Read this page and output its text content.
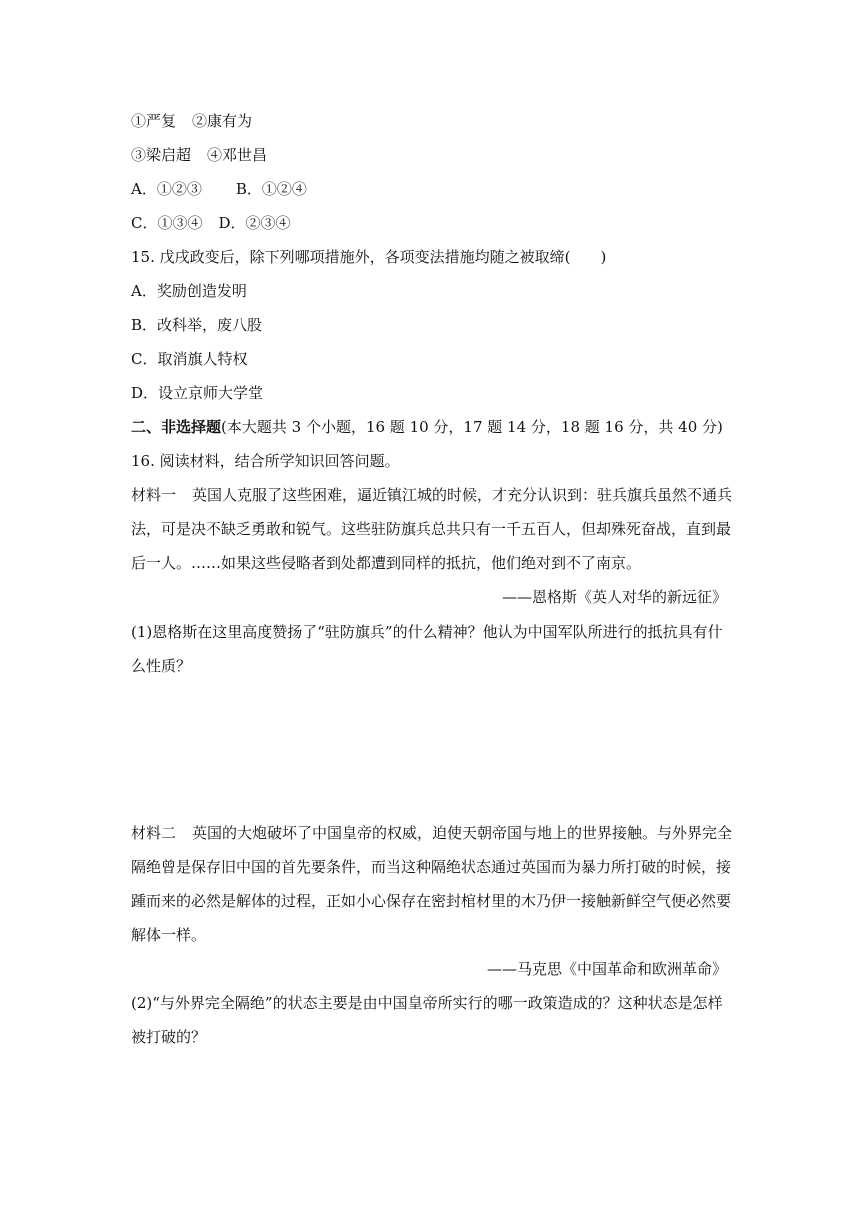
①严复 ②康有为
③梁启超 ④邓世昌
A．①②③ B．①②④
C．①③④ D．②③④
15. 戊戌政变后，除下列哪项措施外，各项变法措施均随之被取缔(　　)
A．奖励创造发明
B．改科举，废八股
C．取消旗人特权
D．设立京师大学堂
二、非选择题(本大题共 3 个小题，16 题 10 分，17 题 14 分，18 题 16 分，共 40 分)
16. 阅读材料，结合所学知识回答问题。
材料一 英国人克服了这些困难，逼近镇江城的时候，才充分认识到：驻兵旗兵虽然不通兵
法，可是决不缺乏勇敢和锐气。这些驻防旗兵总共只有一千五百人，但却殊死奋战，直到最
后一人。……如果这些侵略者到处都遭到同样的抵抗，他们绝对到不了南京。
——恩格斯《英人对华的新远征》
(1)恩格斯在这里高度赞扬了“驻防旗兵”的什么精神？他认为中国军队所进行的抵抗具有什
么性质？
材料二 英国的大炮破坏了中国皇帝的权威，迫使天朝帝国与地上的世界接触。与外界完全
隔绝曾是保存旧中国的首先要条件，而当这种隔绝状态通过英国而为暴力所打破的时候，接
踵而来的必然是解体的过程，正如小心保存在密封棺材里的木乃伊一接触新鲜空气便必然要
解体一样。
——马克思《中国革命和欧洲革命》
(2)“与外界完全隔绝”的状态主要是由中国皇帝所实行的哪一政策造成的？这种状态是怎样
被打破的？
